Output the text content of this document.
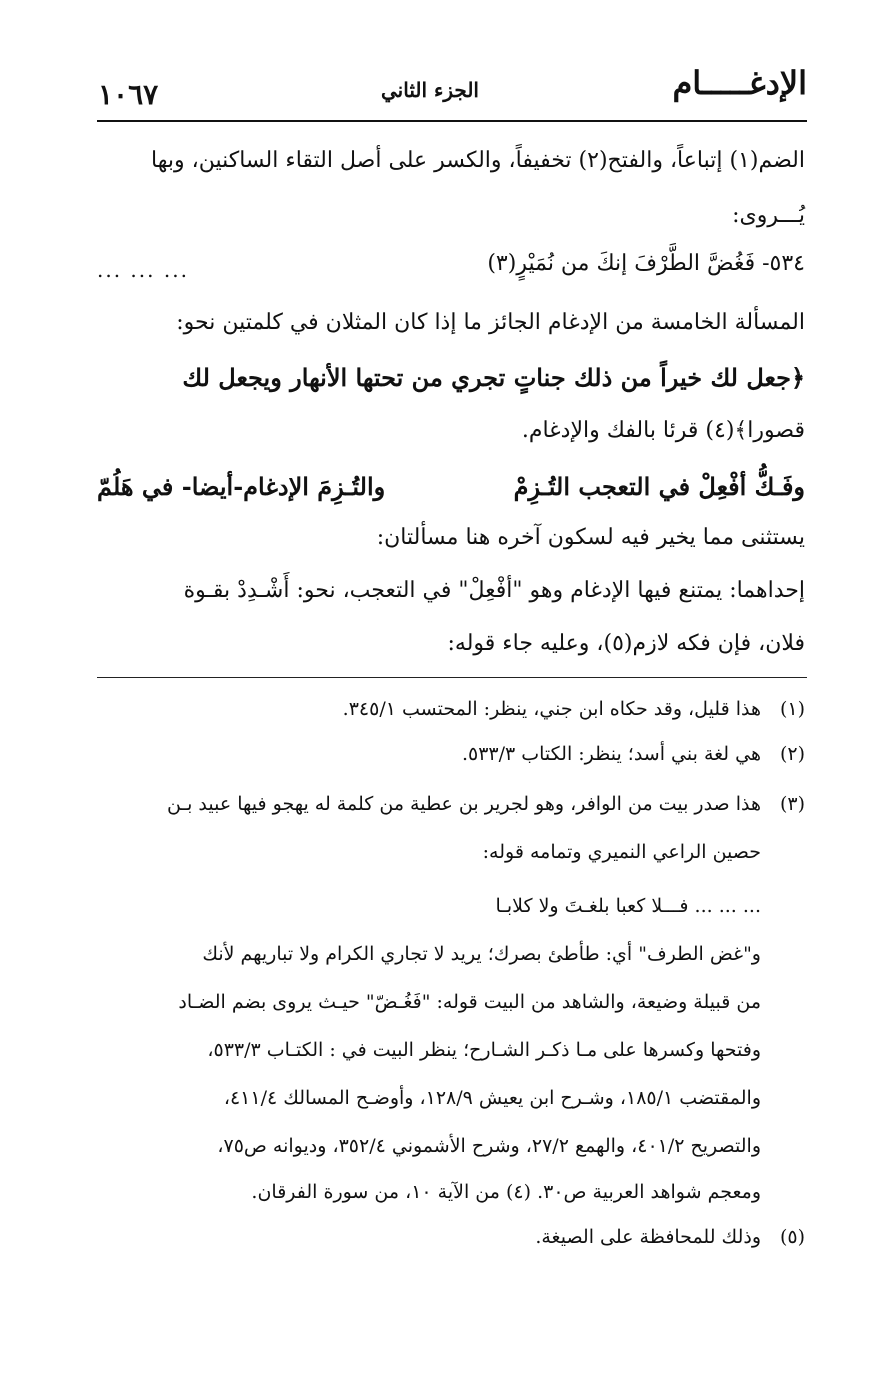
١٠٦٧	الجزء الثاني	الإدغـــــام
الضم(١) إتباعاً، والفتح(٢) تخفيفاً، والكسر على أصل التقاء الساكنين، وبها
يُـــروى:
٥٣٤- فَغُضَّ الطَّرْفَ إنكَ من نُمَيْرٍ(٣)
... ... ...
المسألة الخامسة من الإدغام الجائز ما إذا كان المثلان في كلمتين نحو:
﴿جعل لك خيراً من ذلك جناتٍ تجري من تحتها الأنهار ويجعل لك
قصورا﴾(٤) قرئا بالفك والإدغام.
وفَـكُّ أفْعِلْ في التعجب التُـزِمْ
والتُـزِمَ الإدغام-أيضا- في هَلُمّ
يستثنى مما يخير فيه لسكون آخره هنا مسألتان:
إحداهما: يمتنع فيها الإدغام وهو "أفْعِلْ" في التعجب، نحو: أَشْـدِدْ بقـوة
فلان، فإن فكه لازم(٥)، وعليه جاء قوله:
(١)هذا قليل، وقد حكاه ابن جني، ينظر: المحتسب ٣٤٥/١.
(٢)هي لغة بني أسد؛ ينظر: الكتاب ٥٣٣/٣.
(٣)هذا صدر بيت من الوافر، وهو لجرير بن عطية من كلمة له يهجو فيها عبيد بـن
حصين الراعي النميري وتمامه قوله:
... ... ... فـــلا كعبا بلغـتَ ولا كلابـا
و"غض الطرف" أي: طأطئ بصرك؛ يريد لا تجاري الكرام ولا تباريهم لأنك
من قبيلة وضيعة، والشاهد من البيت قوله: "فَغُـضّ" حيـث يروى بضم الضـاد
وفتحها وكسرها على مـا ذكـر الشـارح؛ ينظر البيت في : الكتـاب ٥٣٣/٣،
والمقتضب ١٨٥/١، وشـرح ابن يعيش ١٢٨/٩، وأوضـح المسالك ٤١١/٤،
والتصريح ٤٠١/٢، والهمع ٢٧/٢، وشرح الأشموني ٣٥٢/٤، وديوانه ص٧٥،
ومعجم شواهد العربية ص٣٠. (٤) من الآية ١٠، من سورة الفرقان.
(٥)وذلك للمحافظة على الصيغة.
